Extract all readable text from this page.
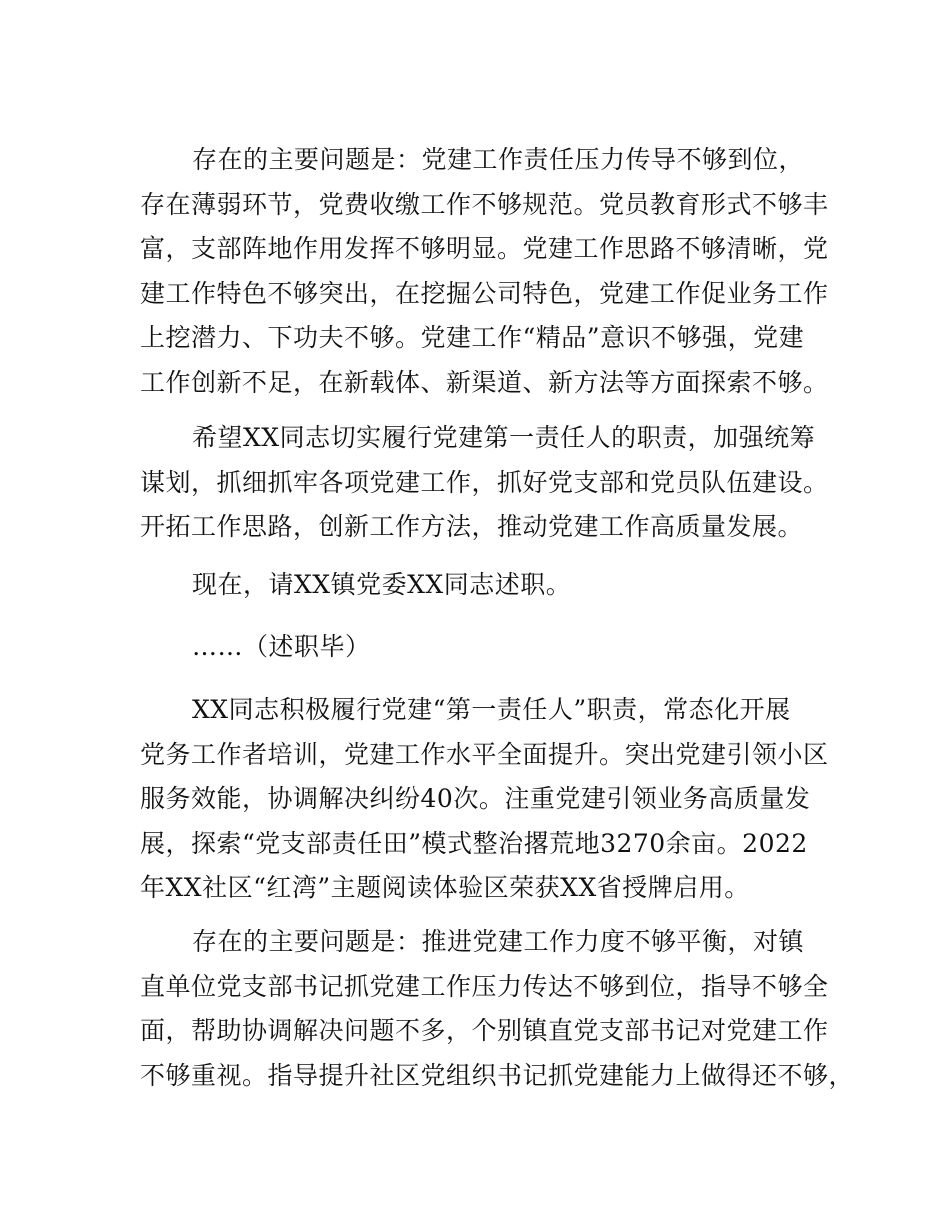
存在的主要问题是：党建工作责任压力传导不够到位，
存在薄弱环节，党费收缴工作不够规范。党员教育形式不够丰
富，支部阵地作用发挥不够明显。党建工作思路不够清晰，党
建工作特色不够突出，在挖掘公司特色，党建工作促业务工作
上挖潜力、下功夫不够。党建工作“精品”意识不够强，党建
工作创新不足，在新载体、新渠道、新方法等方面探索不够。

希望XX同志切实履行党建第一责任人的职责，加强统筹
谋划，抓细抓牢各项党建工作，抓好党支部和党员队伍建设。
开拓工作思路，创新工作方法，推动党建工作高质量发展。

现在，请XX镇党委XX同志述职。

……（述职毕）

XX同志积极履行党建“第一责任人”职责，常态化开展
党务工作者培训，党建工作水平全面提升。突出党建引领小区
服务效能，协调解决纠纷40次。注重党建引领业务高质量发
展，探索“党支部责任田”模式整治撂荒地3270余亩。2022
年XX社区“红湾”主题阅读体验区荣获XX省授牌启用。

存在的主要问题是：推进党建工作力度不够平衡，对镇
直单位党支部书记抓党建工作压力传达不够到位，指导不够全
面，帮助协调解决问题不多，个别镇直党支部书记对党建工作
不够重视。指导提升社区党组织书记抓党建能力上做得还不够，
